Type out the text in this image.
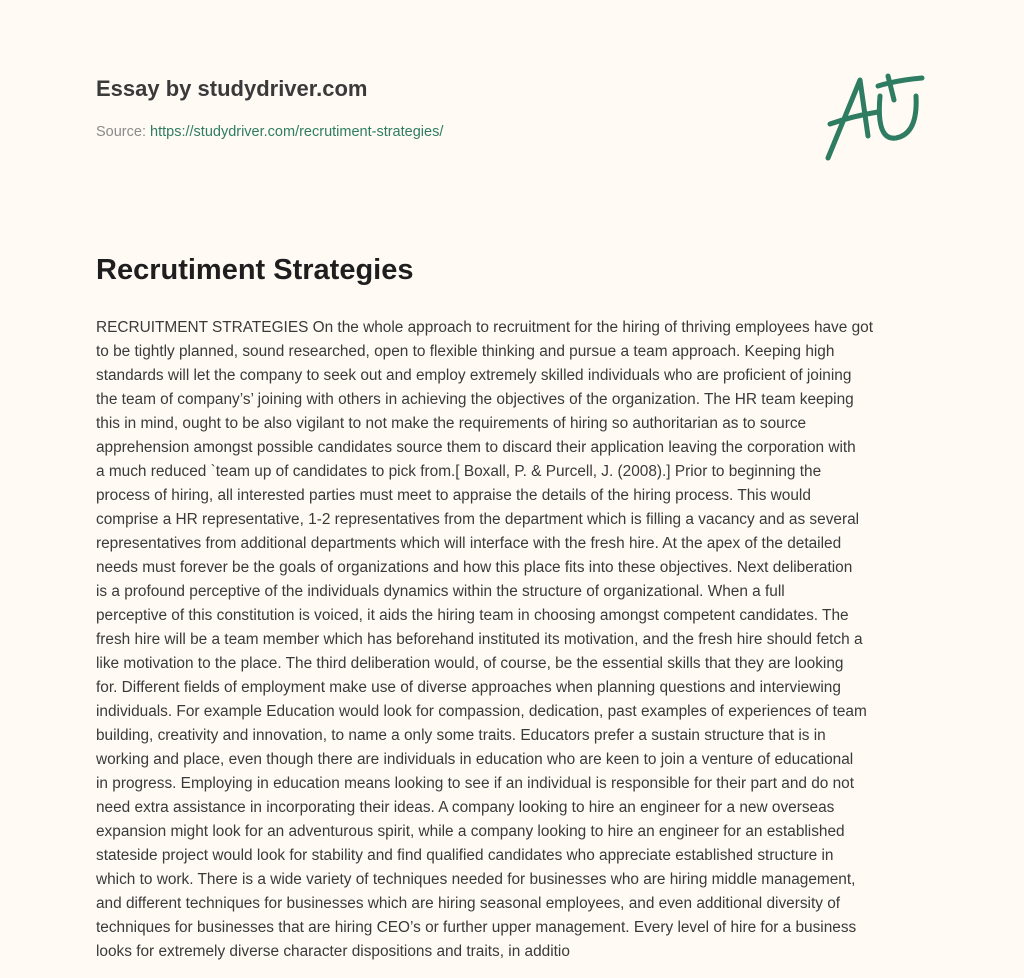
Essay by studydriver.com
Source: https://studydriver.com/recrutiment-strategies/
Recrutiment Strategies
RECRUITMENT STRATEGIES On the whole approach to recruitment for the hiring of thriving employees have got
to be tightly planned, sound researched, open to flexible thinking and pursue a team approach. Keeping high
standards will let the company to seek out and employ extremely skilled individuals who are proficient of joining
the team of company’s’ joining with others in achieving the objectives of the organization. The HR team keeping
this in mind, ought to be also vigilant to not make the requirements of hiring so authoritarian as to source
apprehension amongst possible candidates source them to discard their application leaving the corporation with
a much reduced `team up of candidates to pick from.[ Boxall, P. & Purcell, J. (2008).] Prior to beginning the
process of hiring, all interested parties must meet to appraise the details of the hiring process. This would
comprise a HR representative, 1-2 representatives from the department which is filling a vacancy and as several
representatives from additional departments which will interface with the fresh hire. At the apex of the detailed
needs must forever be the goals of organizations and how this place fits into these objectives. Next deliberation
is a profound perceptive of the individuals dynamics within the structure of organizational. When a full
perceptive of this constitution is voiced, it aids the hiring team in choosing amongst competent candidates. The
fresh hire will be a team member which has beforehand instituted its motivation, and the fresh hire should fetch a
like motivation to the place. The third deliberation would, of course, be the essential skills that they are looking
for. Different fields of employment make use of diverse approaches when planning questions and interviewing
individuals. For example Education would look for compassion, dedication, past examples of experiences of team
building, creativity and innovation, to name a only some traits. Educators prefer a sustain structure that is in
working and place, even though there are individuals in education who are keen to join a venture of educational
in progress. Employing in education means looking to see if an individual is responsible for their part and do not
need extra assistance in incorporating their ideas. A company looking to hire an engineer for a new overseas
expansion might look for an adventurous spirit, while a company looking to hire an engineer for an established
stateside project would look for stability and find qualified candidates who appreciate established structure in
which to work. There is a wide variety of techniques needed for businesses who are hiring middle management,
and different techniques for businesses which are hiring seasonal employees, and even additional diversity of
techniques for businesses that are hiring CEO’s or further upper management. Every level of hire for a business
looks for extremely diverse character dispositions and traits, in additio
